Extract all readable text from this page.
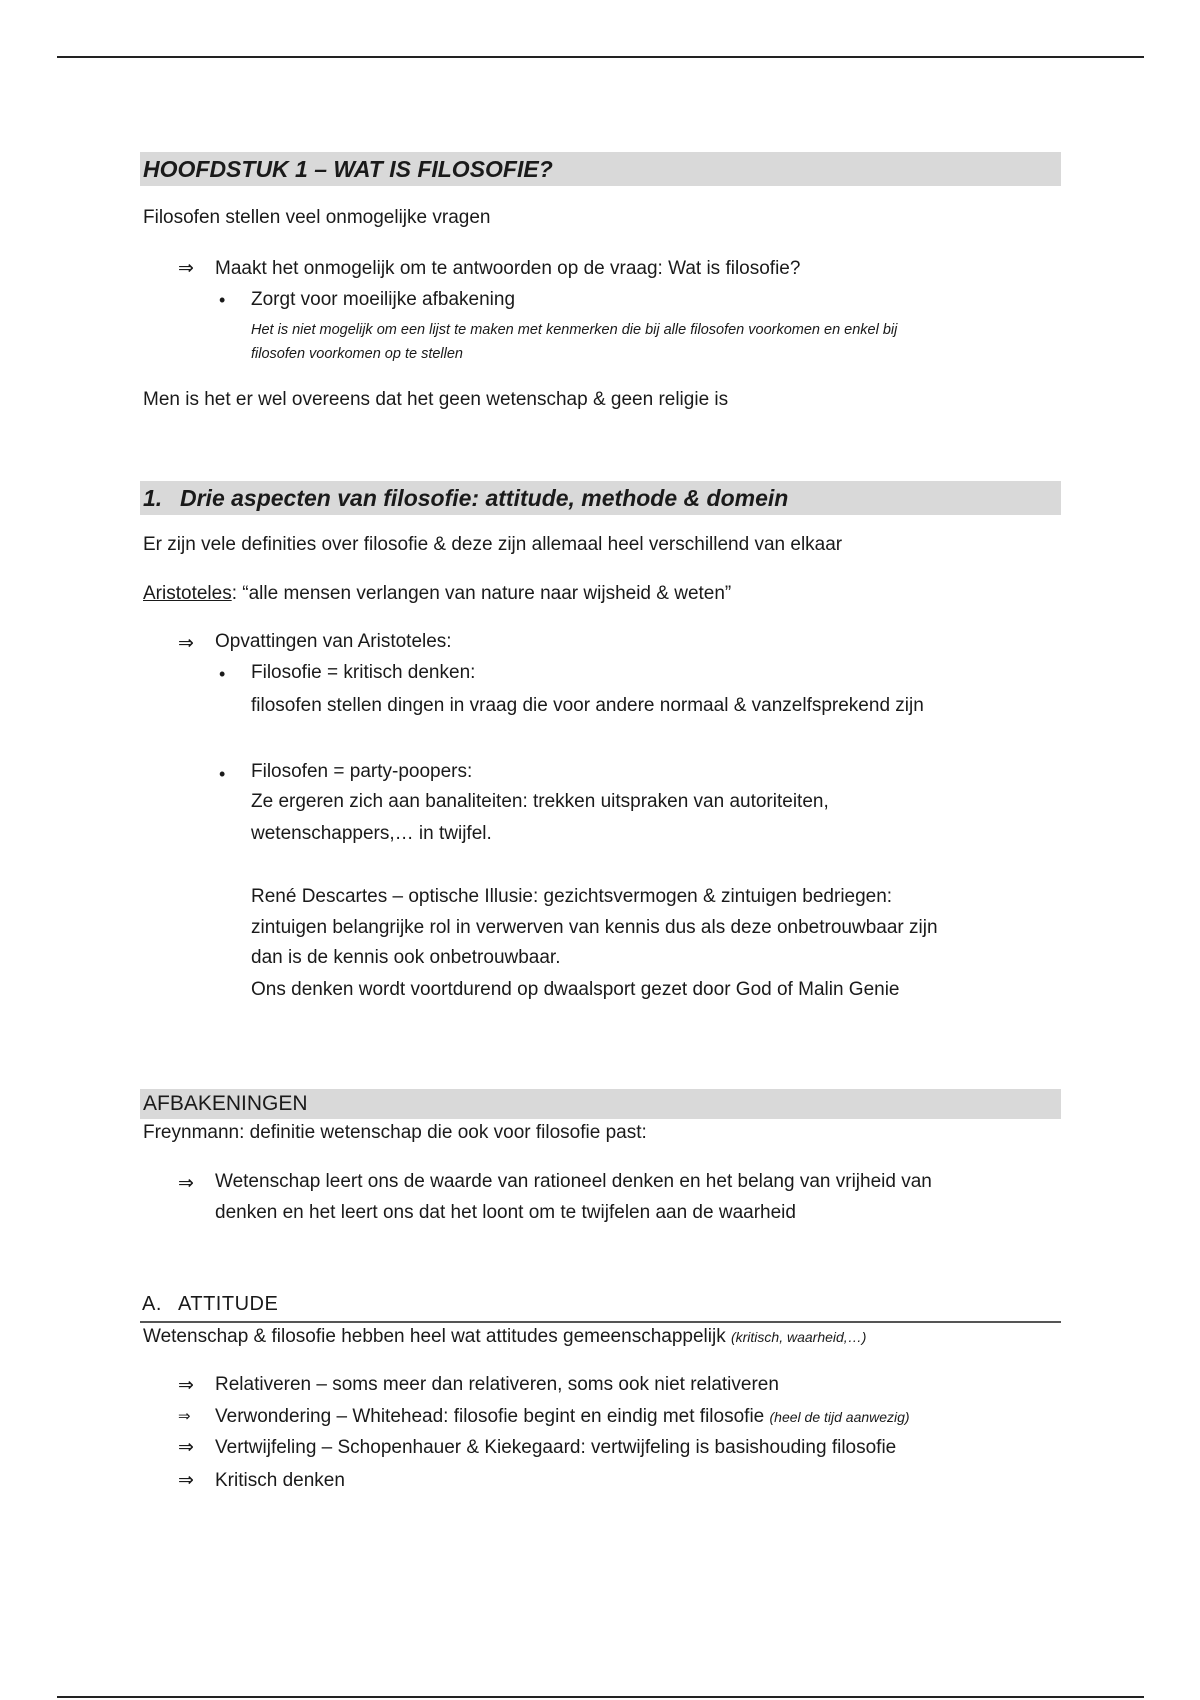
HOOFDSTUK 1 – WAT IS FILOSOFIE?
Filosofen stellen veel onmogelijke vragen
⇒	Maakt het onmogelijk om te antwoorden op de vraag: Wat is filosofie?
• Zorgt voor moeilijke afbakening
Het is niet mogelijk om een lijst te maken met kenmerken die bij alle filosofen voorkomen en enkel bij
filosofen voorkomen op te stellen
Men is het er wel overeens dat het geen wetenschap & geen religie is
1. Drie aspecten van filosofie: attitude, methode & domein
Er zijn vele definities over filosofie & deze zijn allemaal heel verschillend van elkaar
Aristoteles: “alle mensen verlangen van nature naar wijsheid & weten”
⇒	Opvattingen van Aristoteles:
• Filosofie = kritisch denken:
filosofen stellen dingen in vraag die voor andere normaal & vanzelfsprekend zijn
• Filosofen = party-poopers:
Ze ergeren zich aan banaliteiten: trekken uitspraken van autoriteiten,
wetenschappers,… in twijfel.
René Descartes – optische Illusie: gezichtsvermogen & zintuigen bedriegen:
zintuigen belangrijke rol in verwerven van kennis dus als deze onbetrouwbaar zijn
dan is de kennis ook onbetrouwbaar.
Ons denken wordt voortdurend op dwaalsport gezet door God of Malin Genie
AFBAKENINGEN
Freynmann: definitie wetenschap die ook voor filosofie past:
⇒	Wetenschap leert ons de waarde van rationeel denken en het belang van vrijheid van
denken en het leert ons dat het loont om te twijfelen aan de waarheid
A. ATTITUDE
Wetenschap & filosofie hebben heel wat attitudes gemeenschappelijk (kritisch, waarheid,…)
⇒	Relativeren – soms meer dan relativeren, soms ook niet relativeren
⇒	Verwondering – Whitehead: filosofie begint en eindig met filosofie (heel de tijd aanwezig)
⇒	Vertwijfeling – Schopenhauer & Kiekegaard: vertwijfeling is basishouding filosofie
⇒	Kritisch denken
